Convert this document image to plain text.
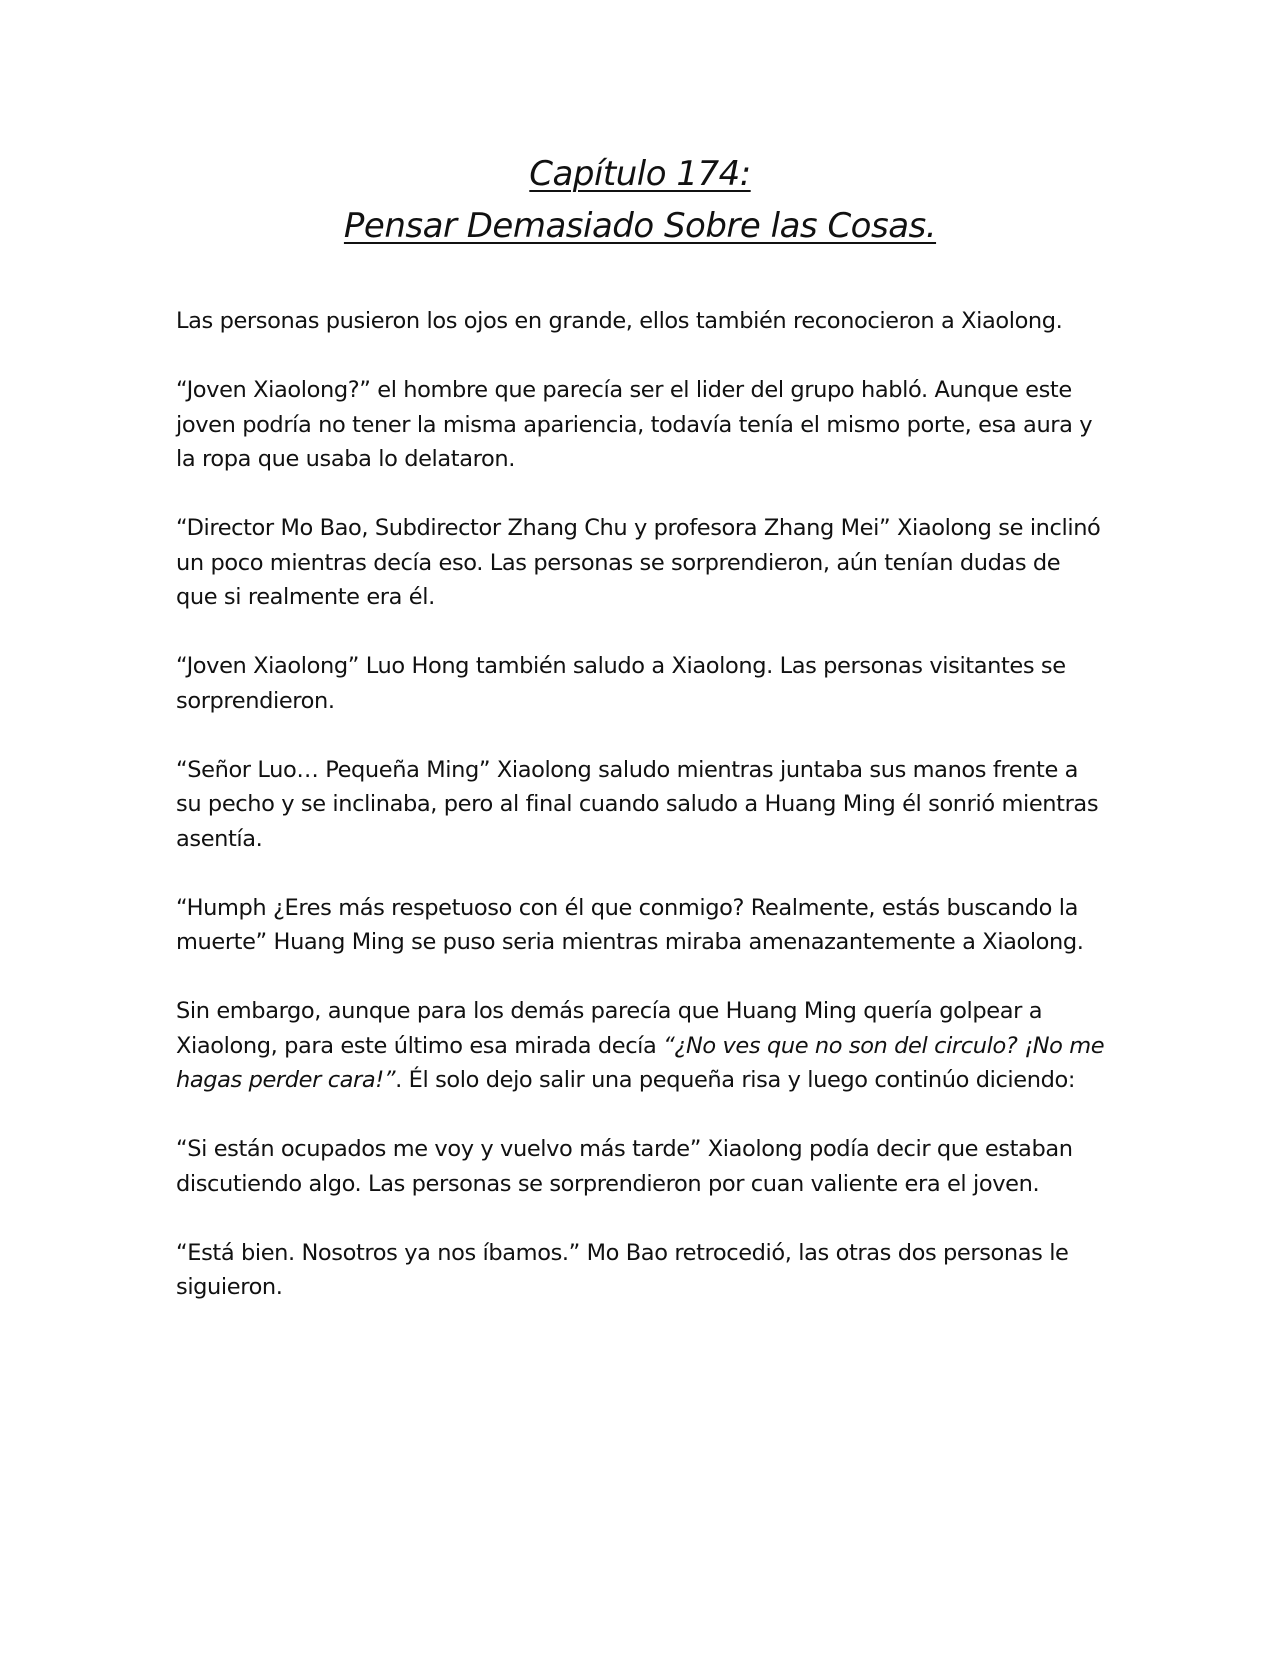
Capítulo 174:
Pensar Demasiado Sobre las Cosas.

Las personas pusieron los ojos en grande, ellos también reconocieron a Xiaolong.

“Joven Xiaolong?” el hombre que parecía ser el lider del grupo habló. Aunque este joven podría no tener la misma apariencia, todavía tenía el mismo porte, esa aura y la ropa que usaba lo delataron.

“Director Mo Bao, Subdirector Zhang Chu y profesora Zhang Mei” Xiaolong se inclinó un poco mientras decía eso. Las personas se sorprendieron, aún tenían dudas de que si realmente era él.

“Joven Xiaolong” Luo Hong también saludo a Xiaolong. Las personas visitantes se sorprendieron.

“Señor Luo… Pequeña Ming” Xiaolong saludo mientras juntaba sus manos frente a su pecho y se inclinaba, pero al final cuando saludo a Huang Ming él sonrió mientras asentía.

“Humph ¿Eres más respetuoso con él que conmigo? Realmente, estás buscando la muerte” Huang Ming se puso seria mientras miraba amenazantemente a Xiaolong.

Sin embargo, aunque para los demás parecía que Huang Ming quería golpear a Xiaolong, para este último esa mirada decía “¿No ves que no son del circulo? ¡No me hagas perder cara!”. Él solo dejo salir una pequeña risa y luego continúo diciendo:

“Si están ocupados me voy y vuelvo más tarde” Xiaolong podía decir que estaban discutiendo algo. Las personas se sorprendieron por cuan valiente era el joven.

“Está bien. Nosotros ya nos íbamos.” Mo Bao retrocedió, las otras dos personas le siguieron.
